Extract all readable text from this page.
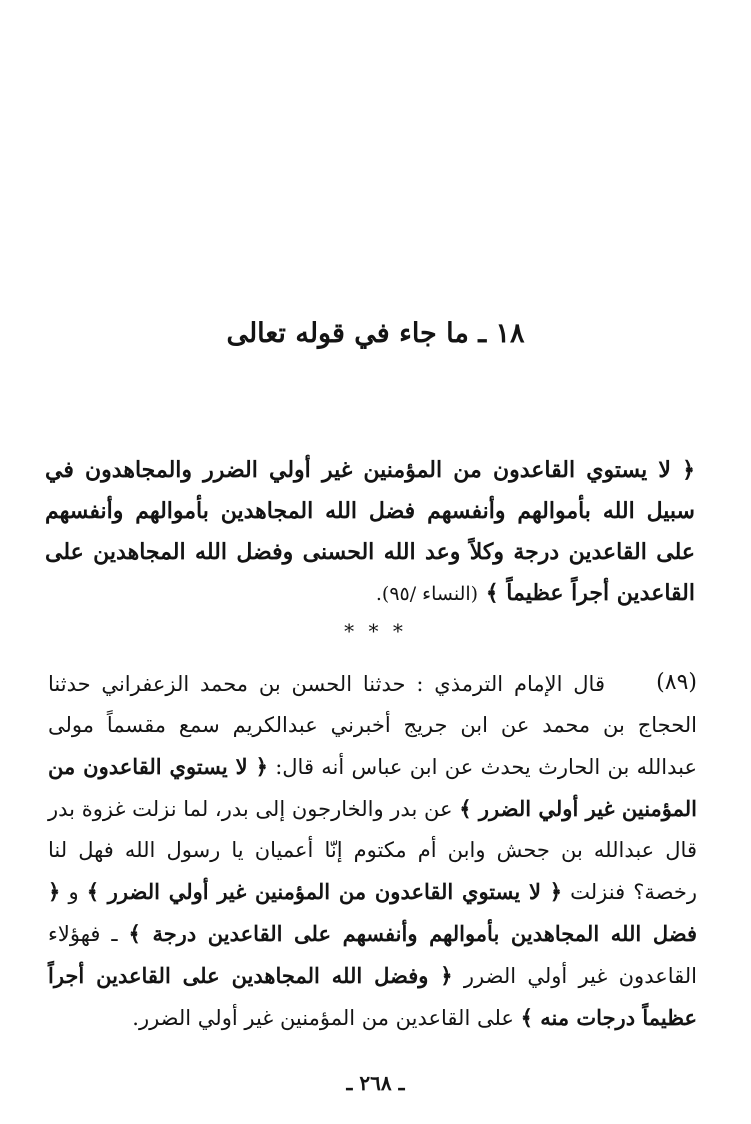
١٨ ـ ما جاء في قوله تعالى
﴿ لا يستوي القاعدون من المؤمنين غير أولي الضرر والمجاهدون في سبيل الله بأموالهم وأنفسهم فضل الله المجاهدين بأموالهم وأنفسهم على القاعدين درجة وكلاً وعد الله الحسنى وفضل الله المجاهدين على القاعدين أجراً عظيماً ﴾ (النساء /٩٥).
* * *
(٨٩)
قال الإمام الترمذي : حدثنا الحسن بن محمد الزعفراني حدثنا الحجاج بن محمد عن ابن جريج أخبرني عبدالكريم سمع مقسماً مولى عبدالله بن الحارث يحدث عن ابن عباس أنه قال: ﴿ لا يستوي القاعدون من المؤمنين غير أولي الضرر ﴾ عن بدر والخارجون إلى بدر، لما نزلت غزوة بدر قال عبدالله بن جحش وابن أم مكتوم إنّا أعميان يا رسول الله فهل لنا رخصة؟ فنزلت ﴿ لا يستوي القاعدون من المؤمنين غير أولي الضرر ﴾ و ﴿ فضل الله المجاهدين بأموالهم وأنفسهم على القاعدين درجة ﴾ ـ فهؤلاء القاعدون غير أولي الضرر ﴿ وفضل الله المجاهدين على القاعدين أجراً عظيماً درجات منه ﴾ على القاعدين من المؤمنين غير أولي الضرر.
ـ ٢٦٨ ـ
